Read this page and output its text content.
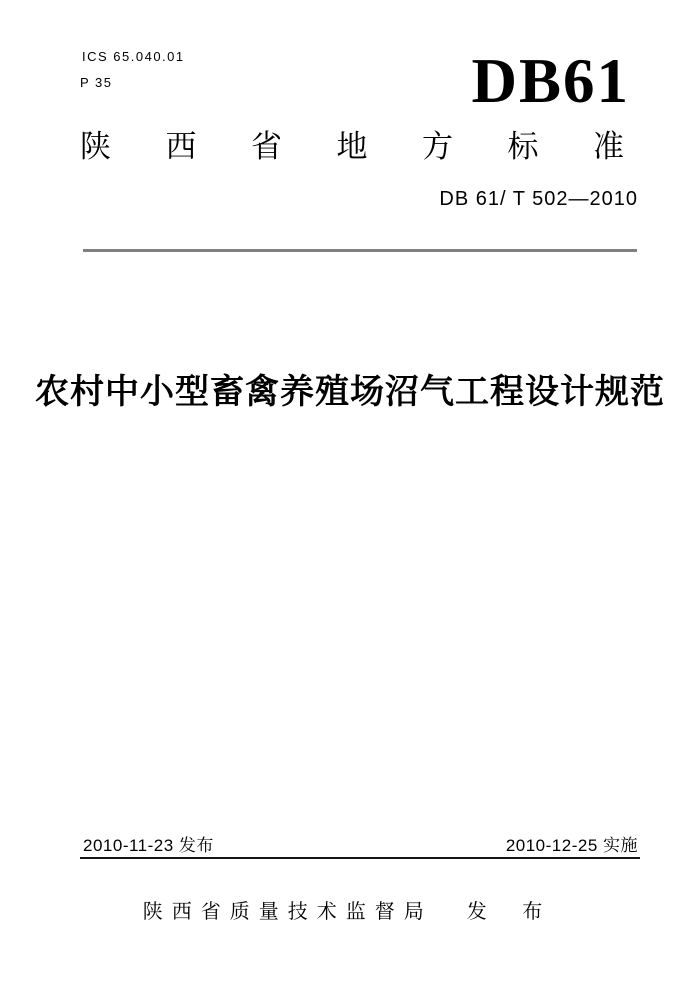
ICS 65.040.01
P 35	DB61
陕 西 省 地 方 标 准
DB 61/ T 502—2010
农村中小型畜禽养殖场沼气工程设计规范
2010-11-23 发布	2010-12-25 实施
陕西省质量技术监督局 发 布
